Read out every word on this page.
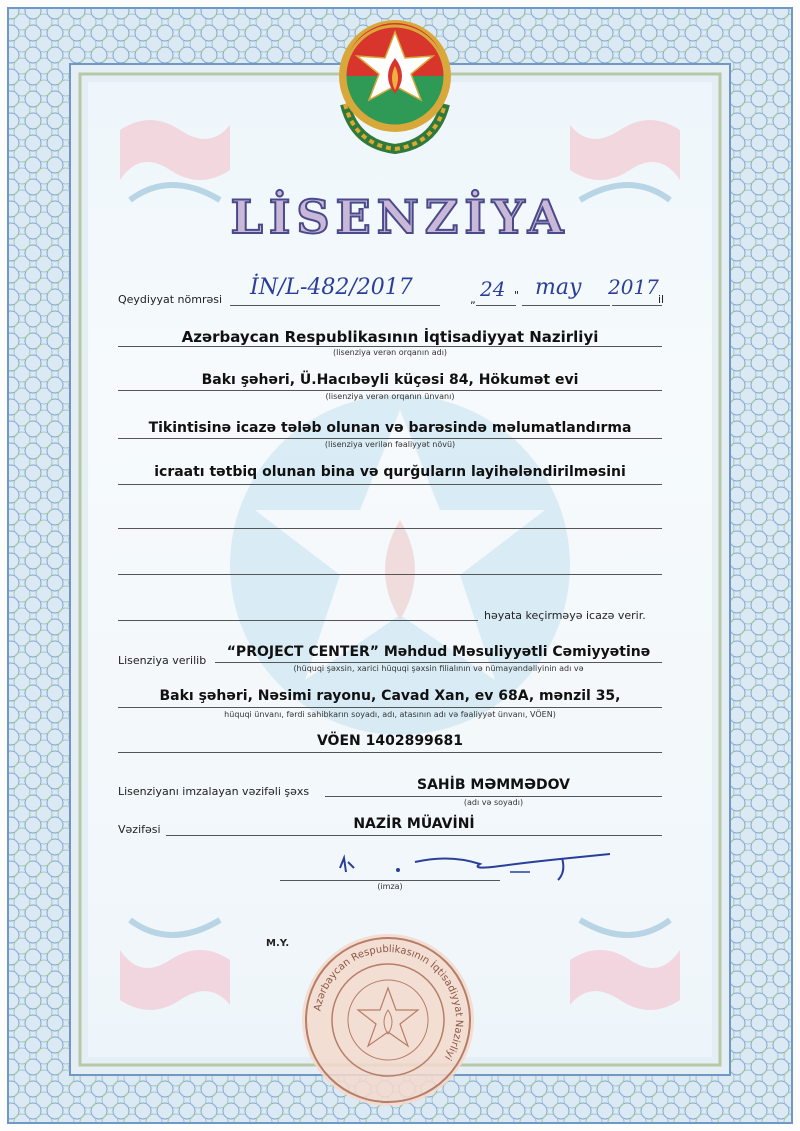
LİSENZİYA
Qeydiyyat nömrəsi İN/L-482/2017	„ 24 " may 2017
il
Azərbaycan Respublikasının İqtisadiyyat Nazirliyi
(lisenziya verən orqanın adı)
Bakı şəhəri, Ü.Hacıbəyli küçəsi 84, Hökumət evi
(lisenziya verən orqanın ünvanı)
Tikintisinə icazə tələb olunan və barəsində məlumatlandırma
(lisenziya verilən fəaliyyət növü)
icraatı tətbiq olunan bina və qurğuların layihələndirilməsini
həyata keçirməyə icazə verir.
Lisenziya verilib
“PROJECT CENTER” Məhdud Məsuliyyətli Cəmiyyətinə
(hüquqi şəxsin, xarici hüquqi şəxsin filialının və nümayəndəliyinin adı və
Bakı şəhəri, Nəsimi rayonu, Cavad Xan, ev 68A, mənzil 35,
hüquqi ünvanı, fərdi sahibkarın soyadı, adı, atasının adı və fəaliyyət ünvanı, VÖEN)
VÖEN 1402899681
Lisenziyanı imzalayan vəzifəli şəxs	SAHİB MƏMMƏDOV
(adı və soyadı)
Vəzifəsi	NAZİR MÜAVİNİ
(imza)
M.Y.
Azərbaycan Respublikasının İqtisadiyyat Nazirliyi
